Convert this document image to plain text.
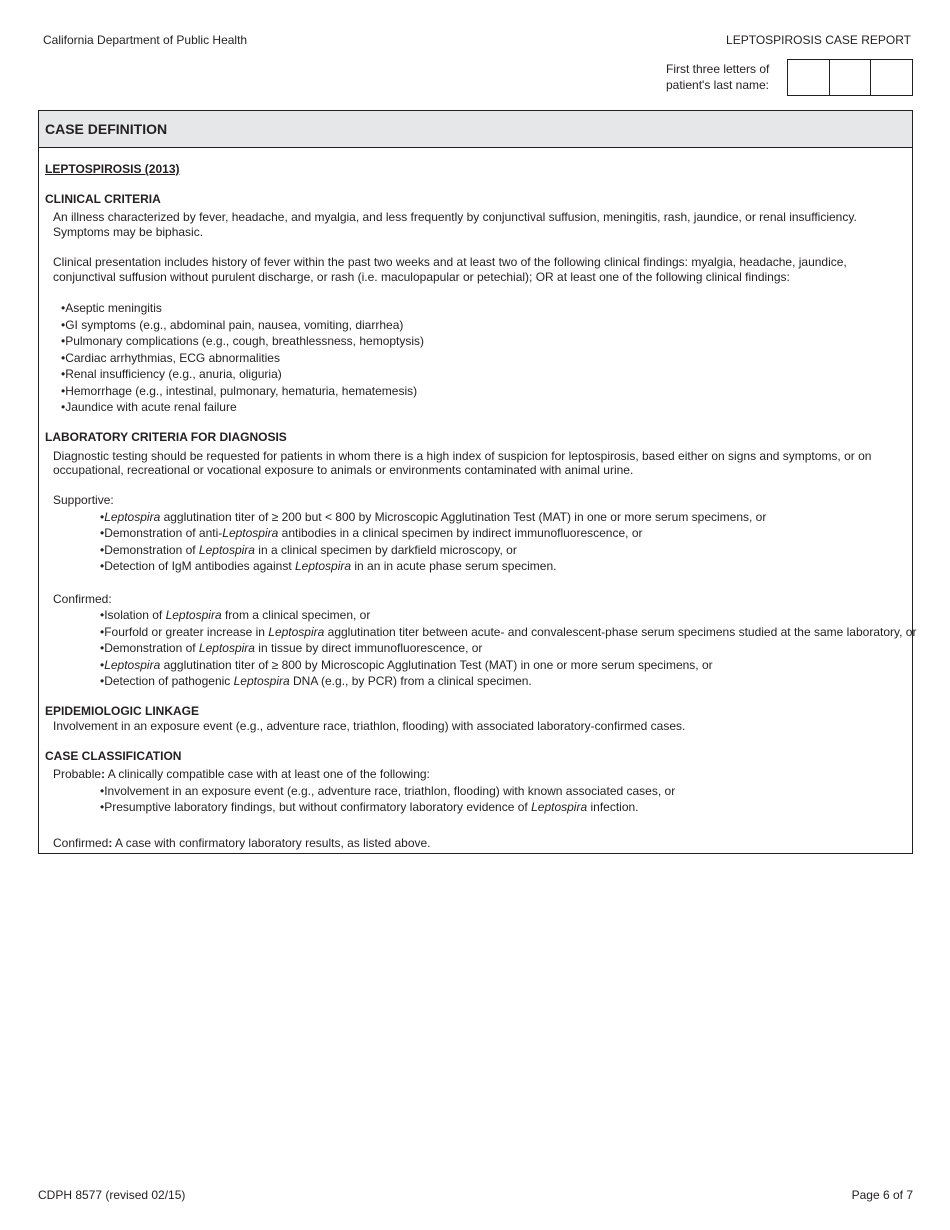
California Department of Public Health	LEPTOSPIROSIS CASE REPORT
First three letters of
patient's last name:
CASE DEFINITION
LEPTOSPIROSIS (2013)
CLINICAL CRITERIA
An illness characterized by fever, headache, and myalgia, and less frequently by conjunctival suffusion, meningitis, rash, jaundice, or renal insufficiency.
Symptoms may be biphasic.
Clinical presentation includes history of fever within the past two weeks and at least two of the following clinical findings: myalgia, headache, jaundice,
conjunctival suffusion without purulent discharge, or rash (i.e. maculopapular or petechial); OR at least one of the following clinical findings:
•Aseptic meningitis
•GI symptoms (e.g., abdominal pain, nausea, vomiting, diarrhea)
•Pulmonary complications (e.g., cough, breathlessness, hemoptysis)
•Cardiac arrhythmias, ECG abnormalities
•Renal insufficiency (e.g., anuria, oliguria)
•Hemorrhage (e.g., intestinal, pulmonary, hematuria, hematemesis)
•Jaundice with acute renal failure
LABORATORY CRITERIA FOR DIAGNOSIS
Diagnostic testing should be requested for patients in whom there is a high index of suspicion for leptospirosis, based either on signs and symptoms, or on
occupational, recreational or vocational exposure to animals or environments contaminated with animal urine.
Supportive:
•Leptospira agglutination titer of ≥ 200 but < 800 by Microscopic Agglutination Test (MAT) in one or more serum specimens, or
•Demonstration of anti-Leptospira antibodies in a clinical specimen by indirect immunofluorescence, or
•Demonstration of Leptospira in a clinical specimen by darkfield microscopy, or
•Detection of IgM antibodies against Leptospira in an in acute phase serum specimen.
Confirmed:
•Isolation of Leptospira from a clinical specimen, or
•Fourfold or greater increase in Leptospira agglutination titer between acute- and convalescent-phase serum specimens studied at the same laboratory, or
•Demonstration of Leptospira in tissue by direct immunofluorescence, or
•Leptospira agglutination titer of ≥ 800 by Microscopic Agglutination Test (MAT) in one or more serum specimens, or
•Detection of pathogenic Leptospira DNA (e.g., by PCR) from a clinical specimen.
EPIDEMIOLOGIC LINKAGE
Involvement in an exposure event (e.g., adventure race, triathlon, flooding) with associated laboratory-confirmed cases.
CASE CLASSIFICATION
Probable: A clinically compatible case with at least one of the following:
•Involvement in an exposure event (e.g., adventure race, triathlon, flooding) with known associated cases, or
•Presumptive laboratory findings, but without confirmatory laboratory evidence of Leptospira infection.
Confirmed: A case with confirmatory laboratory results, as listed above.
CDPH 8577 (revised 02/15)	Page 6 of 7
